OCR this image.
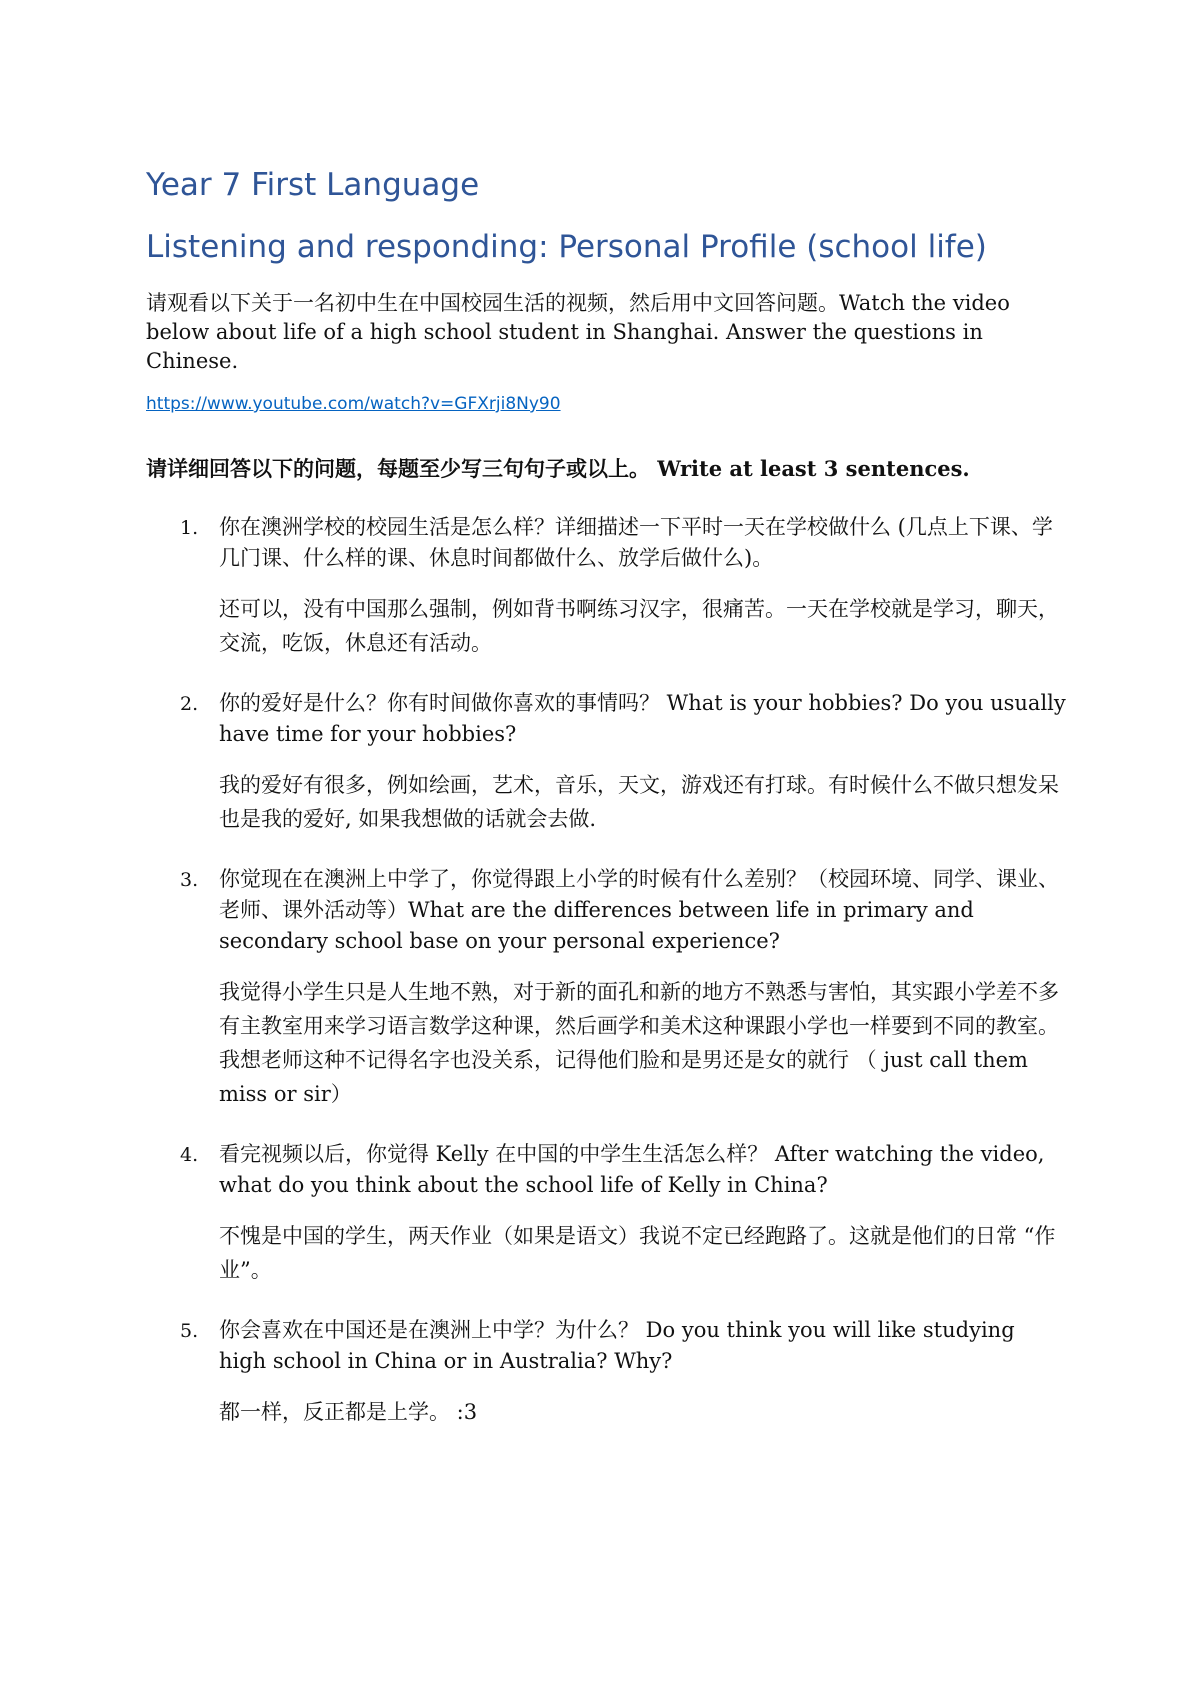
Year 7 First Language
Listening and responding: Personal Profile (school life)

请观看以下关于一名初中生在中国校园生活的视频，然后用中文回答问题。Watch the video below about life of a high school student in Shanghai. Answer the questions in Chinese.

https://www.youtube.com/watch?v=GFXrji8Ny90

请详细回答以下的问题，每题至少写三句句子或以上。 Write at least 3 sentences.

1. 你在澳洲学校的校园生活是怎么样？详细描述一下平时一天在学校做什么 (几点上下课、学几门课、什么样的课、休息时间都做什么、放学后做什么)。

还可以，没有中国那么强制，例如背书啊练习汉字，很痛苦。一天在学校就是学习，聊天，交流，吃饭，休息还有活动。

2. 你的爱好是什么？你有时间做你喜欢的事情吗？ What is your hobbies? Do you usually have time for your hobbies?

我的爱好有很多，例如绘画，艺术，音乐，天文，游戏还有打球。有时候什么不做只想发呆也是我的爱好, 如果我想做的话就会去做.

3. 你觉现在在澳洲上中学了，你觉得跟上小学的时候有什么差别？（校园环境、同学、课业、老师、课外活动等）What are the differences between life in primary and secondary school base on your personal experience?

我觉得小学生只是人生地不熟，对于新的面孔和新的地方不熟悉与害怕，其实跟小学差不多有主教室用来学习语言数学这种课，然后画学和美术这种课跟小学也一样要到不同的教室。我想老师这种不记得名字也没关系，记得他们脸和是男还是女的就行 （ just call them miss or sir）

4. 看完视频以后，你觉得 Kelly 在中国的中学生生活怎么样？ After watching the video, what do you think about the school life of Kelly in China?

不愧是中国的学生，两天作业（如果是语文）我说不定已经跑路了。这就是他们的日常 “作业”。

5. 你会喜欢在中国还是在澳洲上中学？为什么？ Do you think you will like studying high school in China or in Australia? Why?

都一样，反正都是上学。 :3
